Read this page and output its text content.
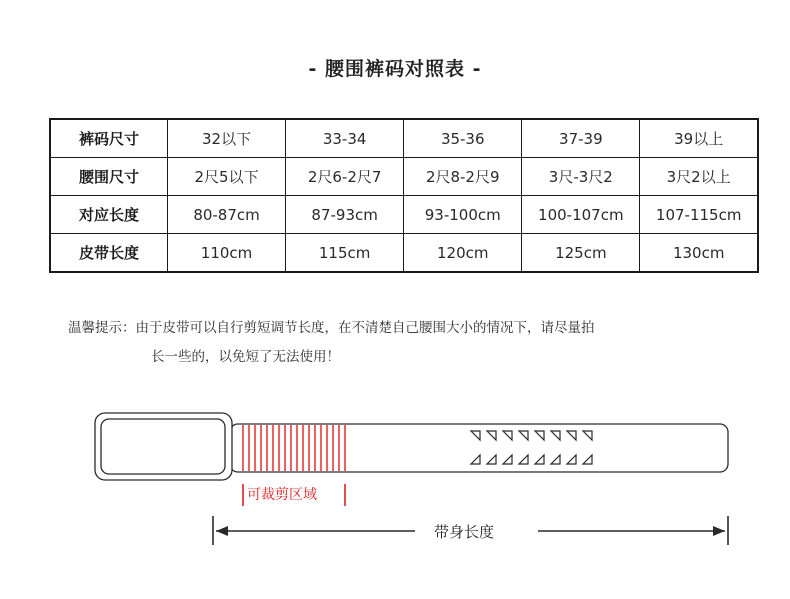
- 腰围裤码对照表 -
裤码尺寸	32以下	33-34	35-36	37-39	39以上
腰围尺寸	2尺5以下	2尺6-2尺7	2尺8-2尺9	3尺-3尺2	3尺2以上
对应长度	80-87cm	87-93cm	93-100cm	100-107cm	107-115cm
皮带长度	110cm	115cm	120cm	125cm	130cm
温馨提示：由于皮带可以自行剪短调节长度，在不清楚自己腰围大小的情况下，请尽量拍
长一些的，以免短了无法使用！
可裁剪区域
带身长度
